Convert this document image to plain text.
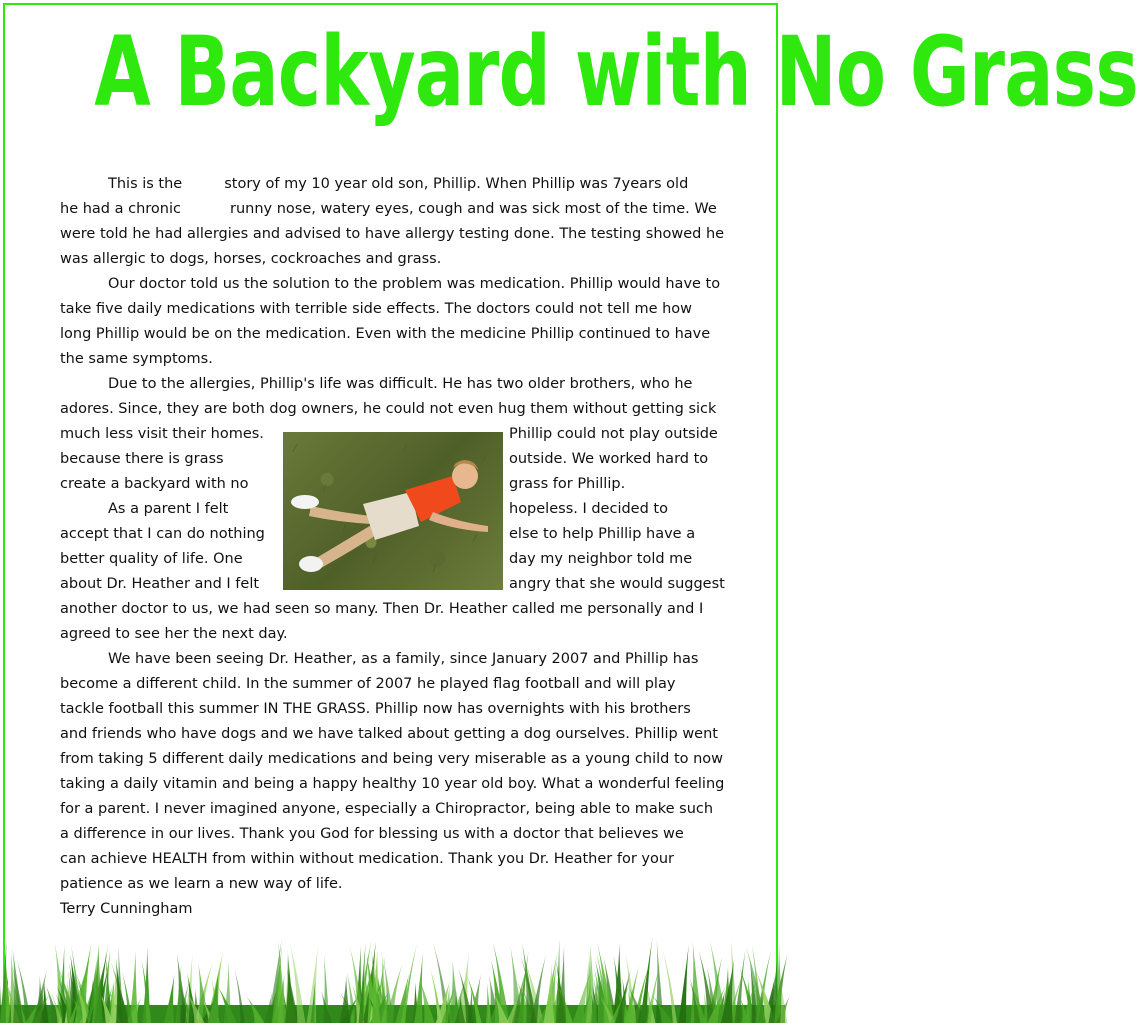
A Backyard with No Grass
This is the	story of my 10 year old son, Phillip. When Phillip was 7years old
he had a chronic	runny nose, watery eyes, cough and was sick most of the time. We
were told he had allergies and advised to have allergy testing done. The testing showed he
was allergic to dogs, horses, cockroaches and grass.
Our doctor told us the solution to the problem was medication. Phillip would have to
take five daily medications with terrible side effects. The doctors could not tell me how
long Phillip would be on the medication. Even with the medicine Phillip continued to have
the same symptoms.
Due to the allergies, Phillip's life was difficult. He has two older brothers, who he
adores. Since, they are both dog owners, he could not even hug them without getting sick
much less visit their homes.	Phillip could not play outside
because there is grass	outside. We worked hard to
create a backyard with no	grass for Phillip.
As a parent I felt	hopeless. I decided to
accept that I can do nothing	else to help Phillip have a
better quality of life. One	day my neighbor told me
about Dr. Heather and I felt	angry that she would suggest
another doctor to us, we had seen so many. Then Dr. Heather called me personally and I
agreed to see her the next day.
We have been seeing Dr. Heather, as a family, since January 2007 and Phillip has
become a different child. In the summer of 2007 he played flag football and will play
tackle football this summer IN THE GRASS. Phillip now has overnights with his brothers
and friends who have dogs and we have talked about getting a dog ourselves. Phillip went
from taking 5 different daily medications and being very miserable as a young child to now
taking a daily vitamin and being a happy healthy 10 year old boy. What a wonderful feeling
for a parent. I never imagined anyone, especially a Chiropractor, being able to make such
a difference in our lives. Thank you God for blessing us with a doctor that believes we
can achieve HEALTH from within without medication. Thank you Dr. Heather for your
patience as we learn a new way of life.
Terry Cunningham
